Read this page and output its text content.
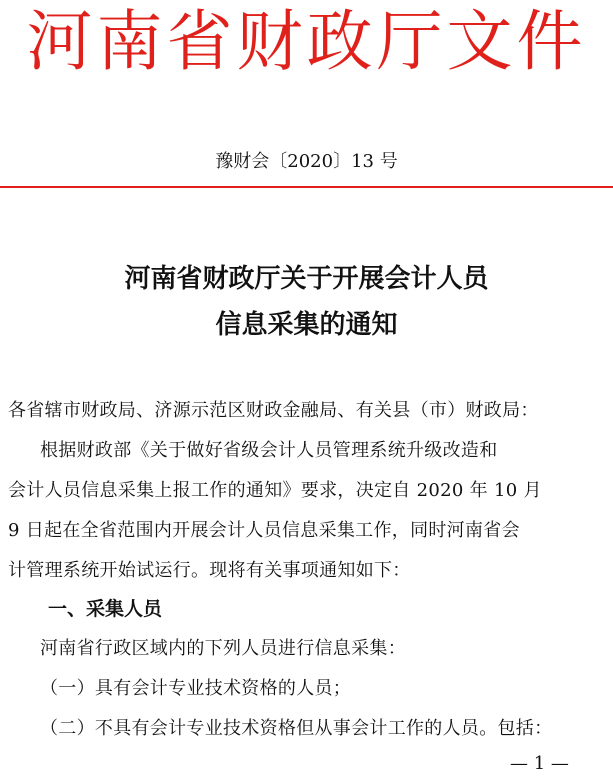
河南省财政厅文件
豫财会〔2020〕13 号
河南省财政厅关于开展会计人员
信息采集的通知
各省辖市财政局、济源示范区财政金融局、有关县（市）财政局：
根据财政部《关于做好省级会计人员管理系统升级改造和
会计人员信息采集上报工作的通知》要求，决定自 2020 年 10 月
9 日起在全省范围内开展会计人员信息采集工作，同时河南省会
计管理系统开始试运行。现将有关事项通知如下：
一、采集人员
河南省行政区域内的下列人员进行信息采集：
（一）具有会计专业技术资格的人员；
（二）不具有会计专业技术资格但从事会计工作的人员。包括：
— 1 —
